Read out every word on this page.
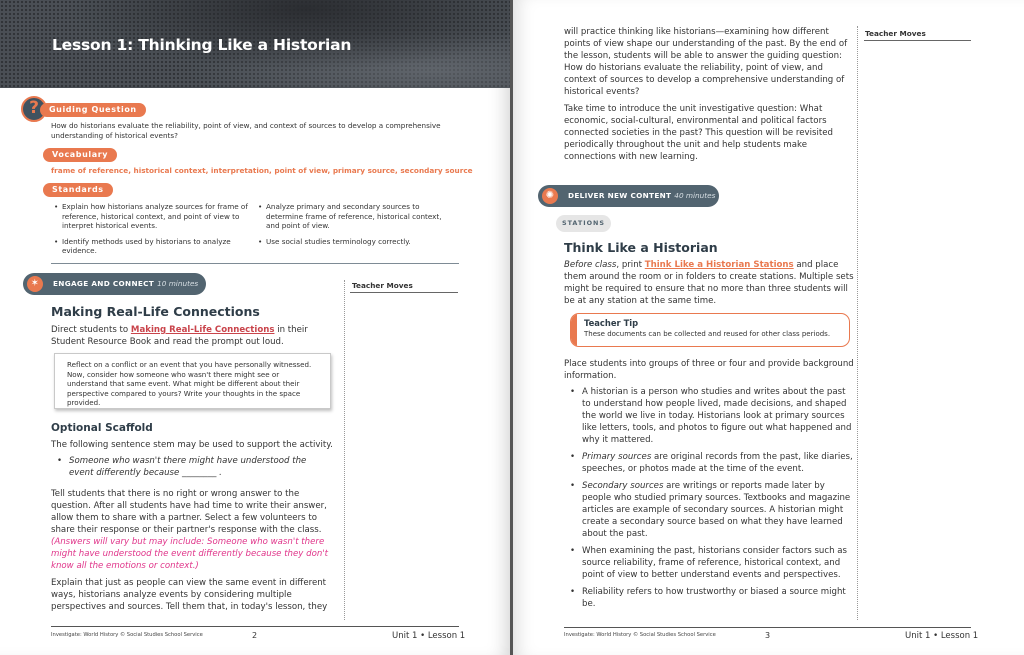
Lesson 1: Thinking Like a Historian
?	Guiding Question
How do historians evaluate the reliability, point of view, and context of sources to develop a comprehensive
understanding of historical events?
Vocabulary
frame of reference, historical context, interpretation, point of view, primary source, secondary source
Standards
• Explain how historians analyze sources for frame of reference, historical context, and point of view to interpret historical events.
• Identify methods used by historians to analyze evidence.
• Analyze primary and secondary sources to determine frame of reference, historical context, and point of view.
• Use social studies terminology correctly.
✶	ENGAGE AND CONNECT 10 minutes	Teacher Moves
Making Real-Life Connections
Direct students to Making Real-Life Connections in their Student Resource Book and read the prompt out loud.
Reflect on a conflict or an event that you have personally witnessed. Now, consider how someone who wasn't there might see or understand that same event. What might be different about their perspective compared to yours? Write your thoughts in the space provided.
Optional Scaffold
The following sentence stem may be used to support the activity.
• Someone who wasn't there might have understood the event differently because ________ .
Tell students that there is no right or wrong answer to the question. After all students have had time to write their answer, allow them to share with a partner. Select a few volunteers to share their response or their partner's response with the class. (Answers will vary but may include: Someone who wasn't there might have understood the event differently because they don't know all the emotions or context.)
Explain that just as people can view the same event in different ways, historians analyze events by considering multiple perspectives and sources. Tell them that, in today's lesson, they
Investigate: World History © Social Studies School Service	2	Unit 1 • Lesson 1
will practice thinking like historians—examining how different points of view shape our understanding of the past. By the end of the lesson, students will be able to answer the guiding question: How do historians evaluate the reliability, point of view, and context of sources to develop a comprehensive understanding of historical events?
Take time to introduce the unit investigative question: What economic, social-cultural, environmental and political factors connected societies in the past? This question will be revisited periodically throughout the unit and help students make connections with new learning.
Teacher Moves
✺	DELIVER NEW CONTENT 40 minutes
STATIONS
Think Like a Historian
Before class, print Think Like a Historian Stations and place them around the room or in folders to create stations. Multiple sets might be required to ensure that no more than three students will be at any station at the same time.
Teacher Tip
These documents can be collected and reused for other class periods.
Place students into groups of three or four and provide background information.
• A historian is a person who studies and writes about the past to understand how people lived, made decisions, and shaped the world we live in today. Historians look at primary sources like letters, tools, and photos to figure out what happened and why it mattered.
• Primary sources are original records from the past, like diaries, speeches, or photos made at the time of the event.
• Secondary sources are writings or reports made later by people who studied primary sources. Textbooks and magazine articles are example of secondary sources. A historian might create a secondary source based on what they have learned about the past.
• When examining the past, historians consider factors such as source reliability, frame of reference, historical context, and point of view to better understand events and perspectives.
• Reliability refers to how trustworthy or biased a source might be.
Investigate: World History © Social Studies School Service	3	Unit 1 • Lesson 1
